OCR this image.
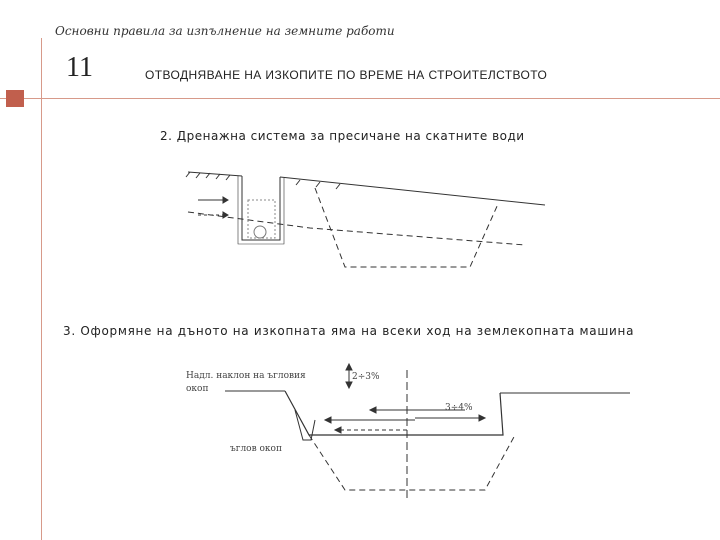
Основни правила за изпълнение на земните работи
11	ОТВОДНЯВАНЕ НА ИЗКОПИТЕ ПО ВРЕМЕ НА СТРОИТЕЛСТВОТО
2. Дренажна система за пресичане на скатните води
3. Оформяне на дъното на изкопната яма на всеки ход на землекопната машина
Надл. наклон на ъгловия окоп
2÷3%
3÷4%
ъглов окоп
